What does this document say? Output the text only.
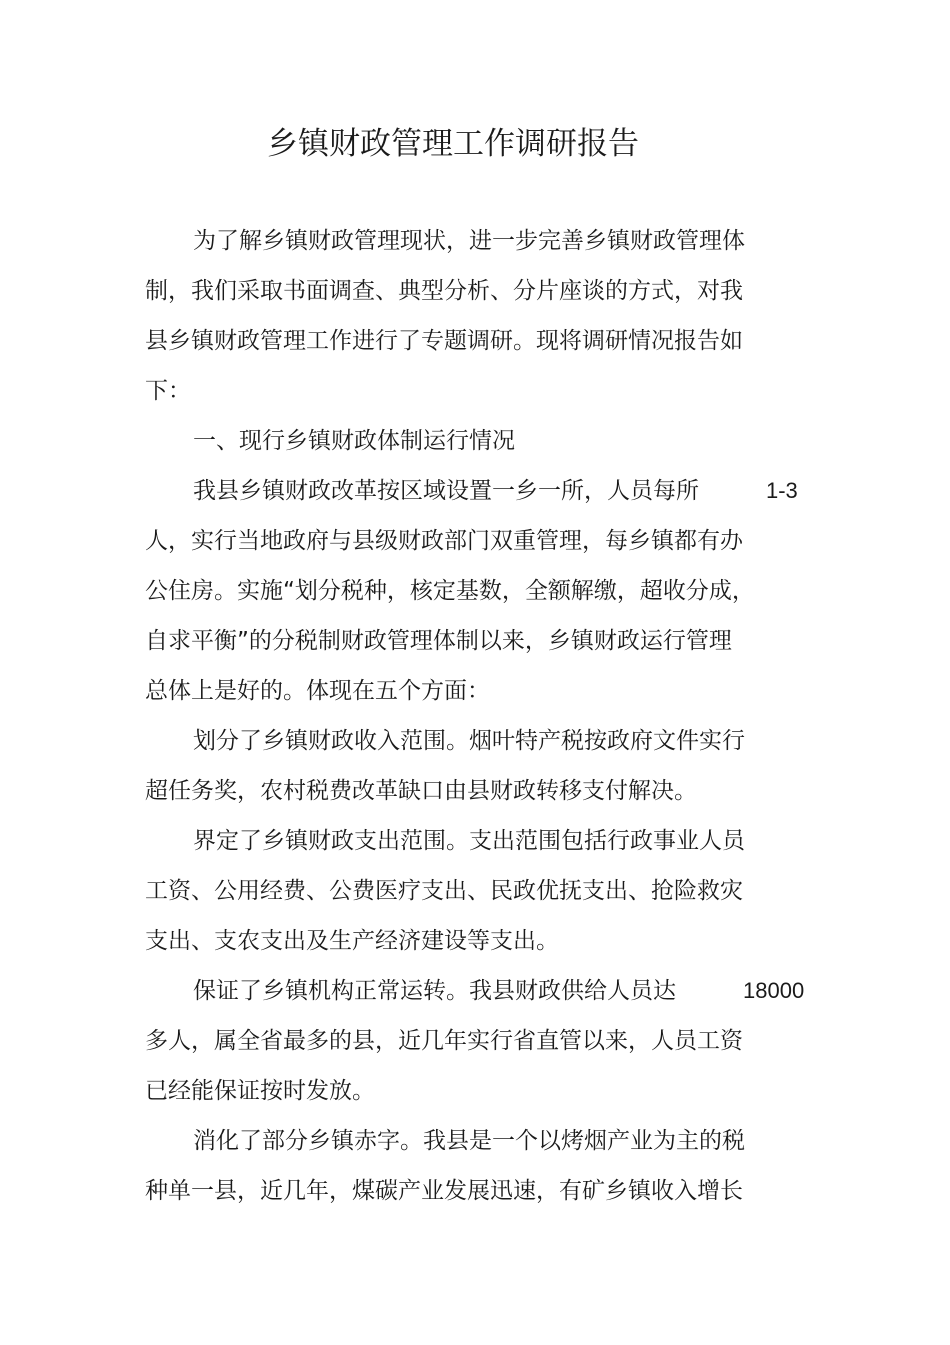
乡镇财政管理工作调研报告
为了解乡镇财政管理现状，进一步完善乡镇财政管理体
制，我们采取书面调查、典型分析、分片座谈的方式，对我
县乡镇财政管理工作进行了专题调研。现将调研情况报告如
下：
一、现行乡镇财政体制运行情况
我县乡镇财政改革按区域设置一乡一所，人员每所	1-3
人，实行当地政府与县级财政部门双重管理，每乡镇都有办
公住房。实施“划分税种，核定基数，全额解缴，超收分成，
自求平衡”的分税制财政管理体制以来，乡镇财政运行管理
总体上是好的。体现在五个方面：
划分了乡镇财政收入范围。烟叶特产税按政府文件实行
超任务奖，农村税费改革缺口由县财政转移支付解决。
界定了乡镇财政支出范围。支出范围包括行政事业人员
工资、公用经费、公费医疗支出、民政优抚支出、抢险救灾
支出、支农支出及生产经济建设等支出。
保证了乡镇机构正常运转。我县财政供给人员达	18000
多人，属全省最多的县，近几年实行省直管以来，人员工资
已经能保证按时发放。
消化了部分乡镇赤字。我县是一个以烤烟产业为主的税
种单一县，近几年，煤碳产业发展迅速，有矿乡镇收入增长
